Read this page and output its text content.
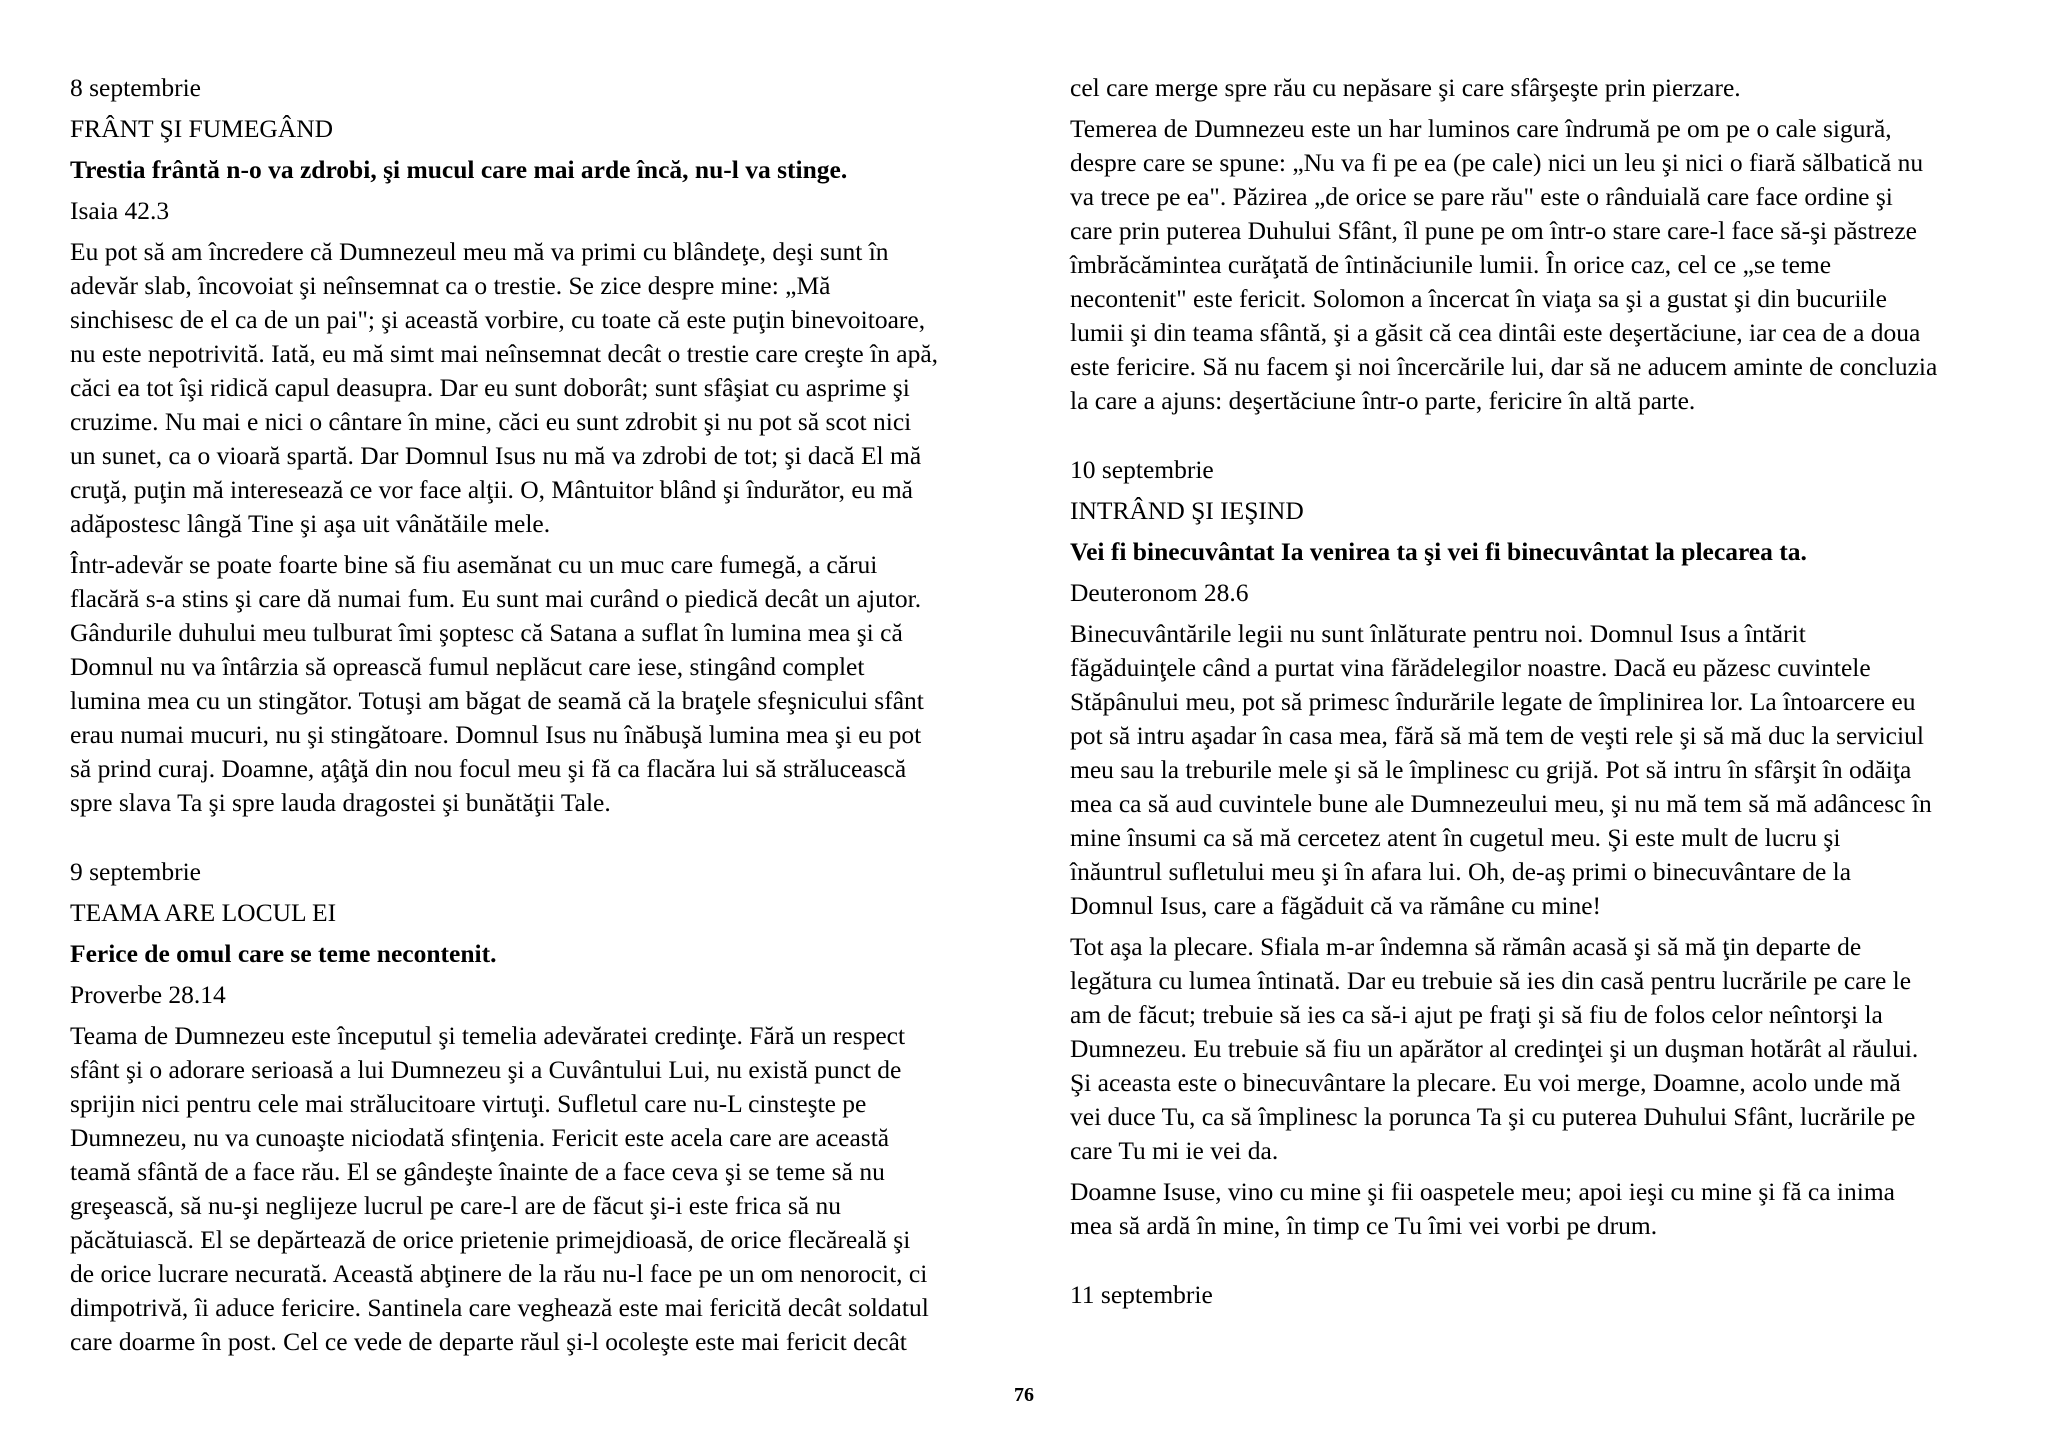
8 septembrie
FRÂNT ŞI FUMEGÂND
Trestia frântă n-o va zdrobi, şi mucul care mai arde încă, nu-l va stinge.
Isaia 42.3

Eu pot să am încredere că Dumnezeul meu mă va primi cu blândeţe, deşi sunt în
adevăr slab, încovoiat şi neînsemnat ca o trestie. Se zice despre mine: „Mă
sinchisesc de el ca de un pai"; şi această vorbire, cu toate că este puţin binevoitoare,
nu este nepotrivită. Iată, eu mă simt mai neînsemnat decât o trestie care creşte în apă,
căci ea tot îşi ridică capul deasupra. Dar eu sunt doborât; sunt sfâşiat cu asprime şi
cruzime. Nu mai e nici o cântare în mine, căci eu sunt zdrobit şi nu pot să scot nici
un sunet, ca o vioară spartă. Dar Domnul Isus nu mă va zdrobi de tot; şi dacă El mă
cruţă, puţin mă interesează ce vor face alţii. O, Mântuitor blând şi îndurător, eu mă
adăpostesc lângă Tine şi aşa uit vânătăile mele.

Într-adevăr se poate foarte bine să fiu asemănat cu un muc care fumegă, a cărui
flacără s-a stins şi care dă numai fum. Eu sunt mai curând o piedică decât un ajutor.
Gândurile duhului meu tulburat îmi şoptesc că Satana a suflat în lumina mea şi că
Domnul nu va întârzia să oprească fumul neplăcut care iese, stingând complet
lumina mea cu un stingător. Totuşi am băgat de seamă că la braţele sfeşnicului sfânt
erau numai mucuri, nu şi stingătoare. Domnul Isus nu înăbuşă lumina mea şi eu pot
să prind curaj. Doamne, aţâţă din nou focul meu şi fă ca flacăra lui să strălucească
spre slava Ta şi spre lauda dragostei şi bunătăţii Tale.

9 septembrie
TEAMA ARE LOCUL EI
Ferice de omul care se teme necontenit.
Proverbe 28.14

Teama de Dumnezeu este începutul şi temelia adevăratei credinţe. Fără un respect
sfânt şi o adorare serioasă a lui Dumnezeu şi a Cuvântului Lui, nu există punct de
sprijin nici pentru cele mai strălucitoare virtuţi. Sufletul care nu-L cinsteşte pe
Dumnezeu, nu va cunoaşte niciodată sfinţenia. Fericit este acela care are această
teamă sfântă de a face rău. El se gândeşte înainte de a face ceva şi se teme să nu
greşească, să nu-şi neglijeze lucrul pe care-l are de făcut şi-i este frica să nu
păcătuiască. El se depărtează de orice prietenie primejdioasă, de orice flecăreală şi
de orice lucrare necurată. Această abţinere de la rău nu-l face pe un om nenorocit, ci
dimpotrivă, îi aduce fericire. Santinela care veghează este mai fericită decât soldatul
care doarme în post. Cel ce vede de departe răul şi-l ocoleşte este mai fericit decât

cel care merge spre rău cu nepăsare şi care sfârşeşte prin pierzare.

Temerea de Dumnezeu este un har luminos care îndrumă pe om pe o cale sigură,
despre care se spune: „Nu va fi pe ea (pe cale) nici un leu şi nici o fiară sălbatică nu
va trece pe ea". Păzirea „de orice se pare rău" este o rânduială care face ordine şi
care prin puterea Duhului Sfânt, îl pune pe om într-o stare care-l face să-şi păstreze
îmbrăcămintea curăţată de întinăciunile lumii. În orice caz, cel ce „se teme
necontenit" este fericit. Solomon a încercat în viaţa sa şi a gustat şi din bucuriile
lumii şi din teama sfântă, şi a găsit că cea dintâi este deşertăciune, iar cea de a doua
este fericire. Să nu facem şi noi încercările lui, dar să ne aducem aminte de concluzia
la care a ajuns: deşertăciune într-o parte, fericire în altă parte.

10 septembrie
INTRÂND ŞI IEŞIND
Vei fi binecuvântat Ia venirea ta şi vei fi binecuvântat la plecarea ta.
Deuteronom 28.6

Binecuvântările legii nu sunt înlăturate pentru noi. Domnul Isus a întărit
făgăduinţele când a purtat vina fărădelegilor noastre. Dacă eu păzesc cuvintele
Stăpânului meu, pot să primesc îndurările legate de împlinirea lor. La întoarcere eu
pot să intru aşadar în casa mea, fără să mă tem de veşti rele şi să mă duc la serviciul
meu sau la treburile mele şi să le împlinesc cu grijă. Pot să intru în sfârşit în odăiţa
mea ca să aud cuvintele bune ale Dumnezeului meu, şi nu mă tem să mă adâncesc în
mine însumi ca să mă cercetez atent în cugetul meu. Şi este mult de lucru şi
înăuntrul sufletului meu şi în afara lui. Oh, de-aş primi o binecuvântare de la
Domnul Isus, care a făgăduit că va rămâne cu mine!

Tot aşa la plecare. Sfiala m-ar îndemna să rămân acasă şi să mă ţin departe de
legătura cu lumea întinată. Dar eu trebuie să ies din casă pentru lucrările pe care le
am de făcut; trebuie să ies ca să-i ajut pe fraţi şi să fiu de folos celor neîntorşi la
Dumnezeu. Eu trebuie să fiu un apărător al credinţei şi un duşman hotărât al răului.
Şi aceasta este o binecuvântare la plecare. Eu voi merge, Doamne, acolo unde mă
vei duce Tu, ca să împlinesc la porunca Ta şi cu puterea Duhului Sfânt, lucrările pe
care Tu mi ie vei da.

Doamne Isuse, vino cu mine şi fii oaspetele meu; apoi ieşi cu mine şi fă ca inima
mea să ardă în mine, în timp ce Tu îmi vei vorbi pe drum.

11 septembrie
76
